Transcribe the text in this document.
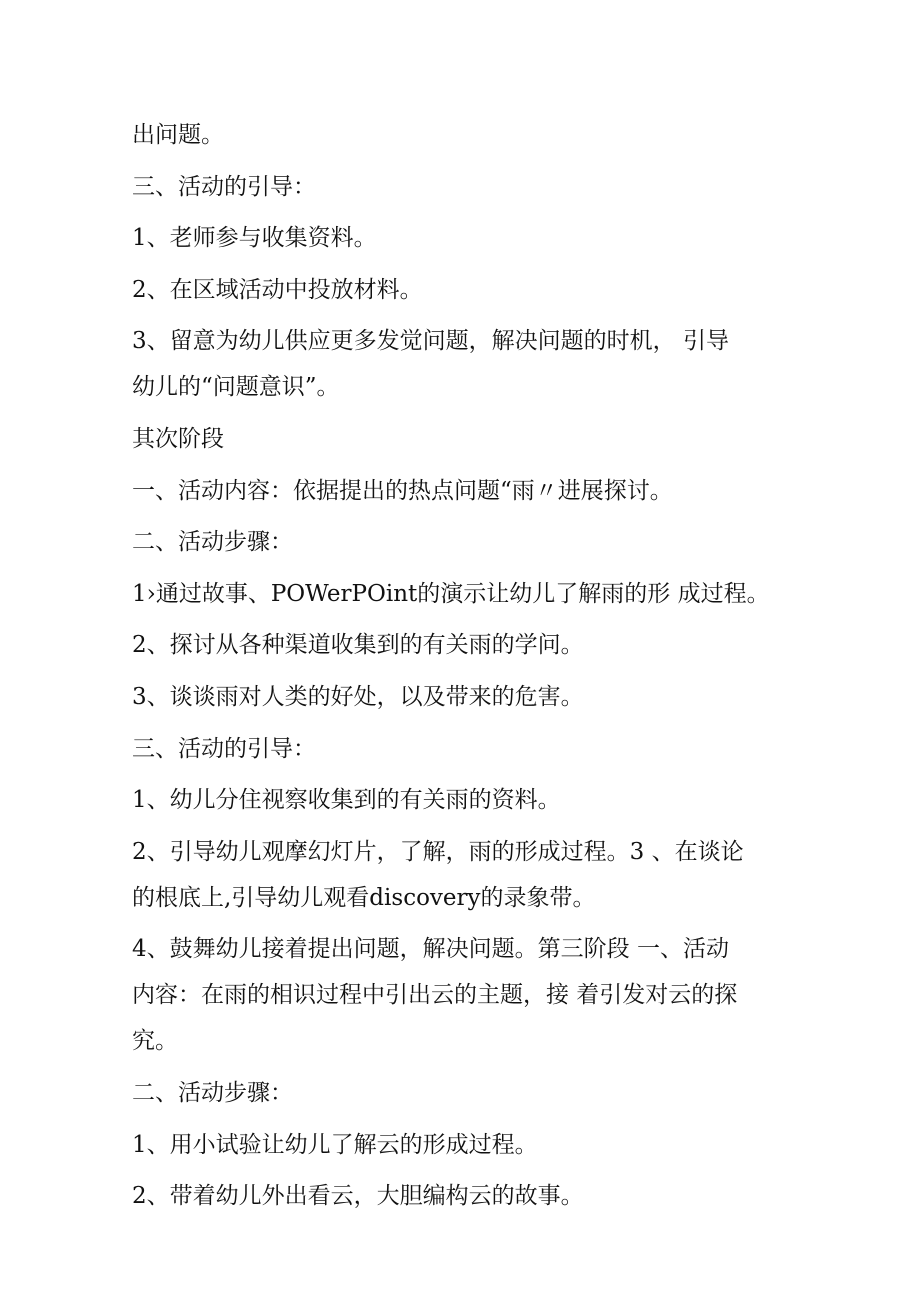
出问题。
三、活动的引导：
1、老师参与收集资料。
2、在区域活动中投放材料。
3、留意为幼儿供应更多发觉问题，解决问题的时机， 引导
幼儿的“问题意识”。
其次阶段
一、活动内容：依据提出的热点问题“雨〃进展探讨。
二、活动步骤：
1›通过故事、POWerPOint的演示让幼儿了解雨的形 成过程。
2、探讨从各种渠道收集到的有关雨的学问。
3、谈谈雨对人类的好处，以及带来的危害。
三、活动的引导：
1、幼儿分住视察收集到的有关雨的资料。
2、引导幼儿观摩幻灯片，了解，雨的形成过程。3 、在谈论
的根底上,引导幼儿观看discovery的录象带。
4、鼓舞幼儿接着提出问题，解决问题。第三阶段 一、活动
内容：在雨的相识过程中引出云的主题，接 着引发对云的探
究。
二、活动步骤：
1、用小试验让幼儿了解云的形成过程。
2、带着幼儿外出看云，大胆编构云的故事。
